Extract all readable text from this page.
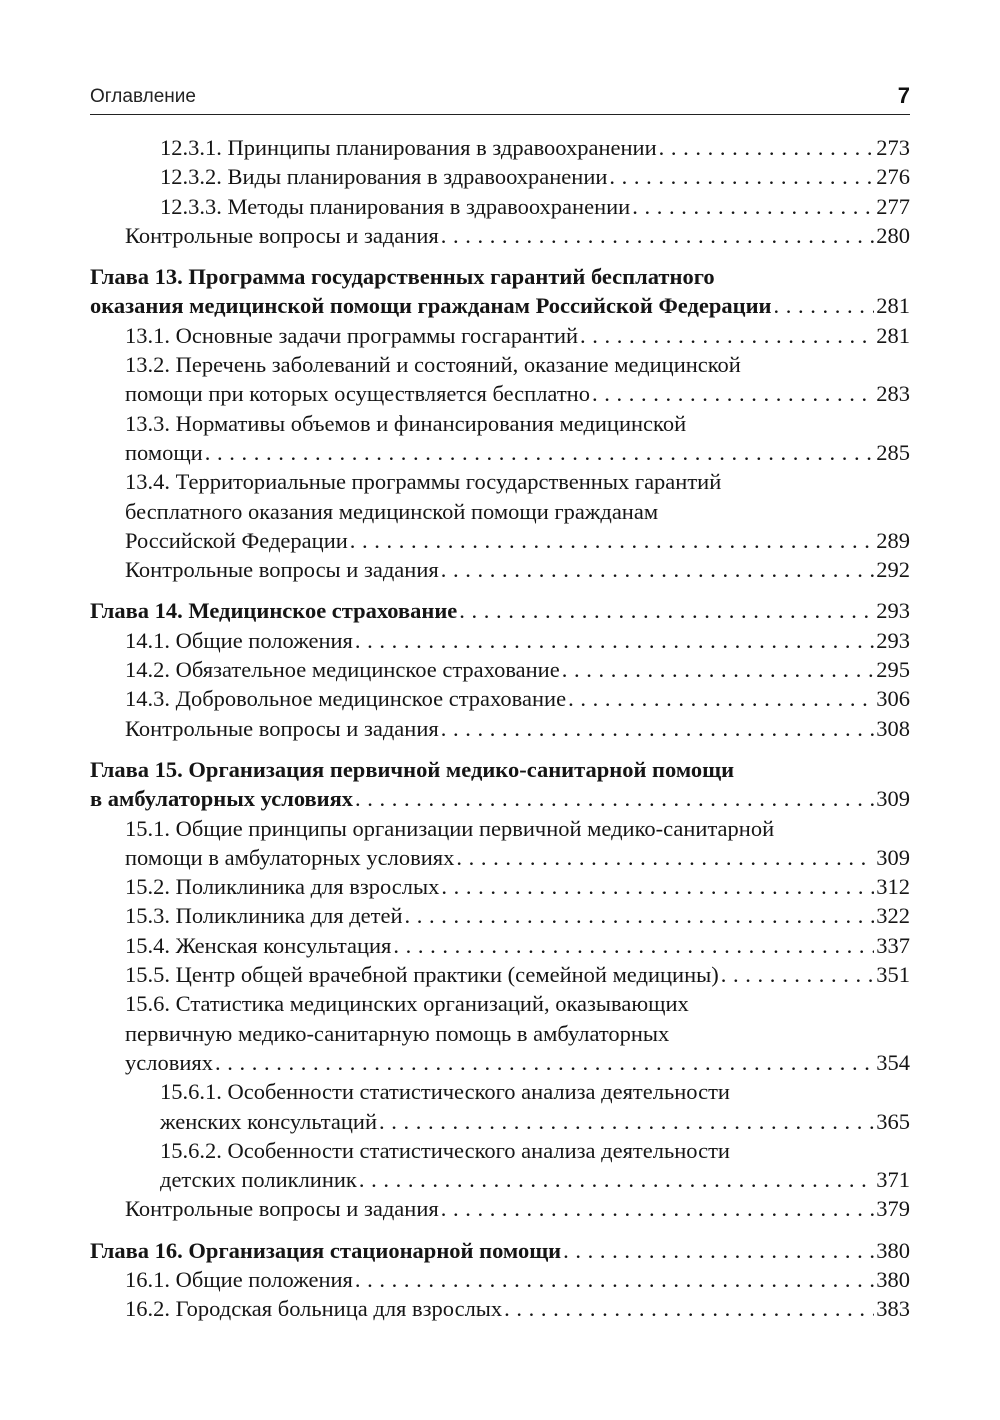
Оглавление	7
12.3.1. Принципы планирования в здравоохранении . . .	273
12.3.2. Виды планирования в здравоохранении . . .	276
12.3.3. Методы планирования в здравоохранении . . .	277
Контрольные вопросы и задания . . .	280
Глава 13. Программа государственных гарантий бесплатного
оказания медицинской помощи гражданам Российской Федерации . . .	281
13.1. Основные задачи программы госгарантий . . .	281
13.2. Перечень заболеваний и состояний, оказание медицинской
помощи при которых осуществляется бесплатно . . .	283
13.3. Нормативы объемов и финансирования медицинской
помощи . . .	285
13.4. Территориальные программы государственных гарантий
бесплатного оказания медицинской помощи гражданам
Российской Федерации . . .	289
Контрольные вопросы и задания . . .	292
Глава 14. Медицинское страхование . . .	293
14.1. Общие положения . . .	293
14.2. Обязательное медицинское страхование . . .	295
14.3. Добровольное медицинское страхование . . .	306
Контрольные вопросы и задания . . .	308
Глава 15. Организация первичной медико-санитарной помощи
в амбулаторных условиях . . .	309
15.1. Общие принципы организации первичной медико-санитарной
помощи в амбулаторных условиях . . .	309
15.2. Поликлиника для взрослых . . .	312
15.3. Поликлиника для детей . . .	322
15.4. Женская консультация . . .	337
15.5. Центр общей врачебной практики (семейной медицины) . . .	351
15.6. Статистика медицинских организаций, оказывающих
первичную медико-санитарную помощь в амбулаторных
условиях . . .	354
15.6.1. Особенности статистического анализа деятельности
женских консультаций . . .	365
15.6.2. Особенности статистического анализа деятельности
детских поликлиник . . .	371
Контрольные вопросы и задания . . .	379
Глава 16. Организация стационарной помощи . . .	380
16.1. Общие положения . . .	380
16.2. Городская больница для взрослых . . .	383
